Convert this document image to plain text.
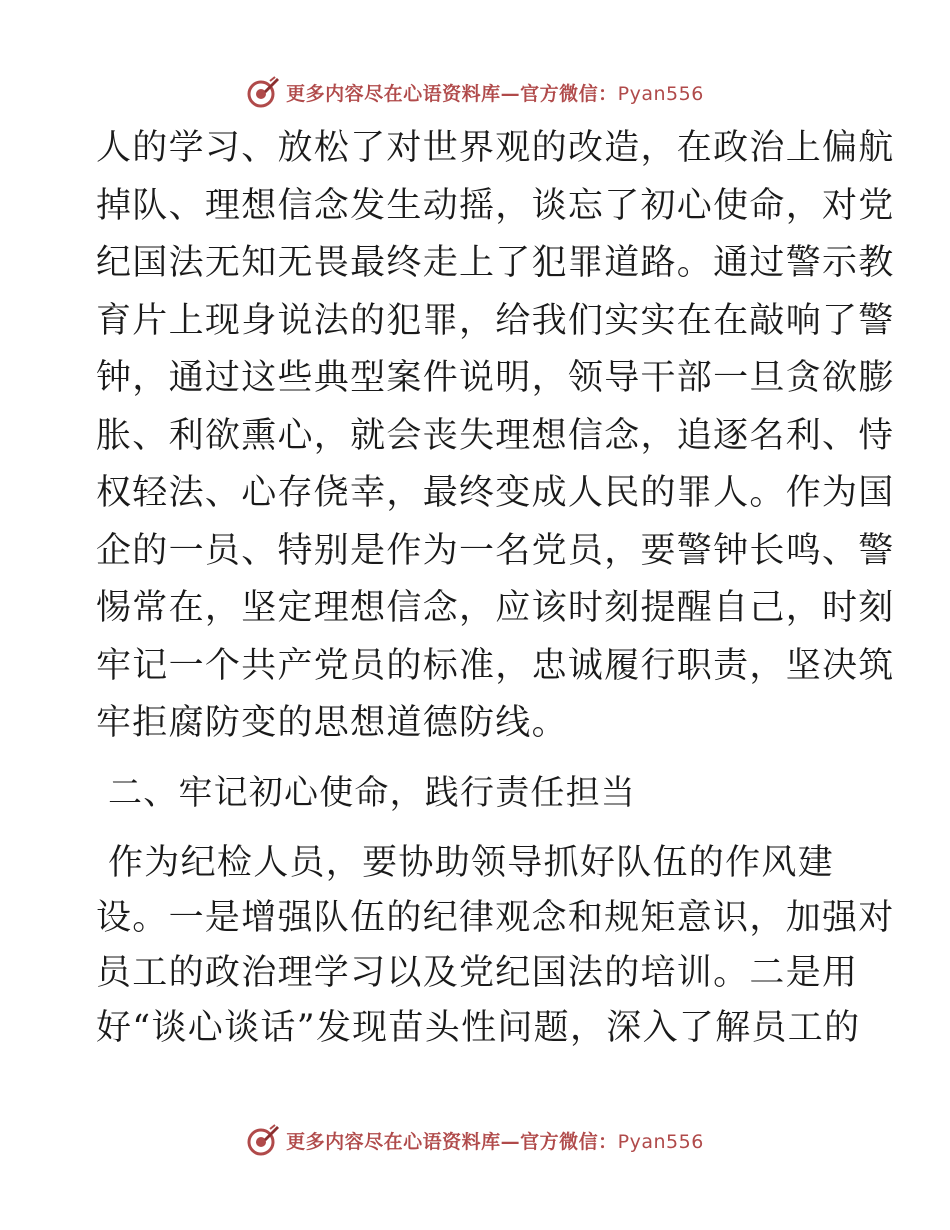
更多内容尽在心语资料库—官方微信：Pyan556
人的学习、放松了对世界观的改造，在政治上偏航
掉队、理想信念发生动摇，谈忘了初心使命，对党
纪国法无知无畏最终走上了犯罪道路。通过警示教
育片上现身说法的犯罪，给我们实实在在敲响了警
钟，通过这些典型案件说明，领导干部一旦贪欲膨
胀、利欲熏心，就会丧失理想信念，追逐名利、恃
权轻法、心存侥幸，最终变成人民的罪人。作为国
企的一员、特别是作为一名党员，要警钟长鸣、警
惕常在，坚定理想信念，应该时刻提醒自己，时刻
牢记一个共产党员的标准，忠诚履行职责，坚决筑
牢拒腐防变的思想道德防线。
二、牢记初心使命，践行责任担当
作为纪检人员，要协助领导抓好队伍的作风建
设。一是增强队伍的纪律观念和规矩意识，加强对
员工的政治理学习以及党纪国法的培训。二是用
好“谈心谈话”发现苗头性问题，深入了解员工的
更多内容尽在心语资料库—官方微信：Pyan556
